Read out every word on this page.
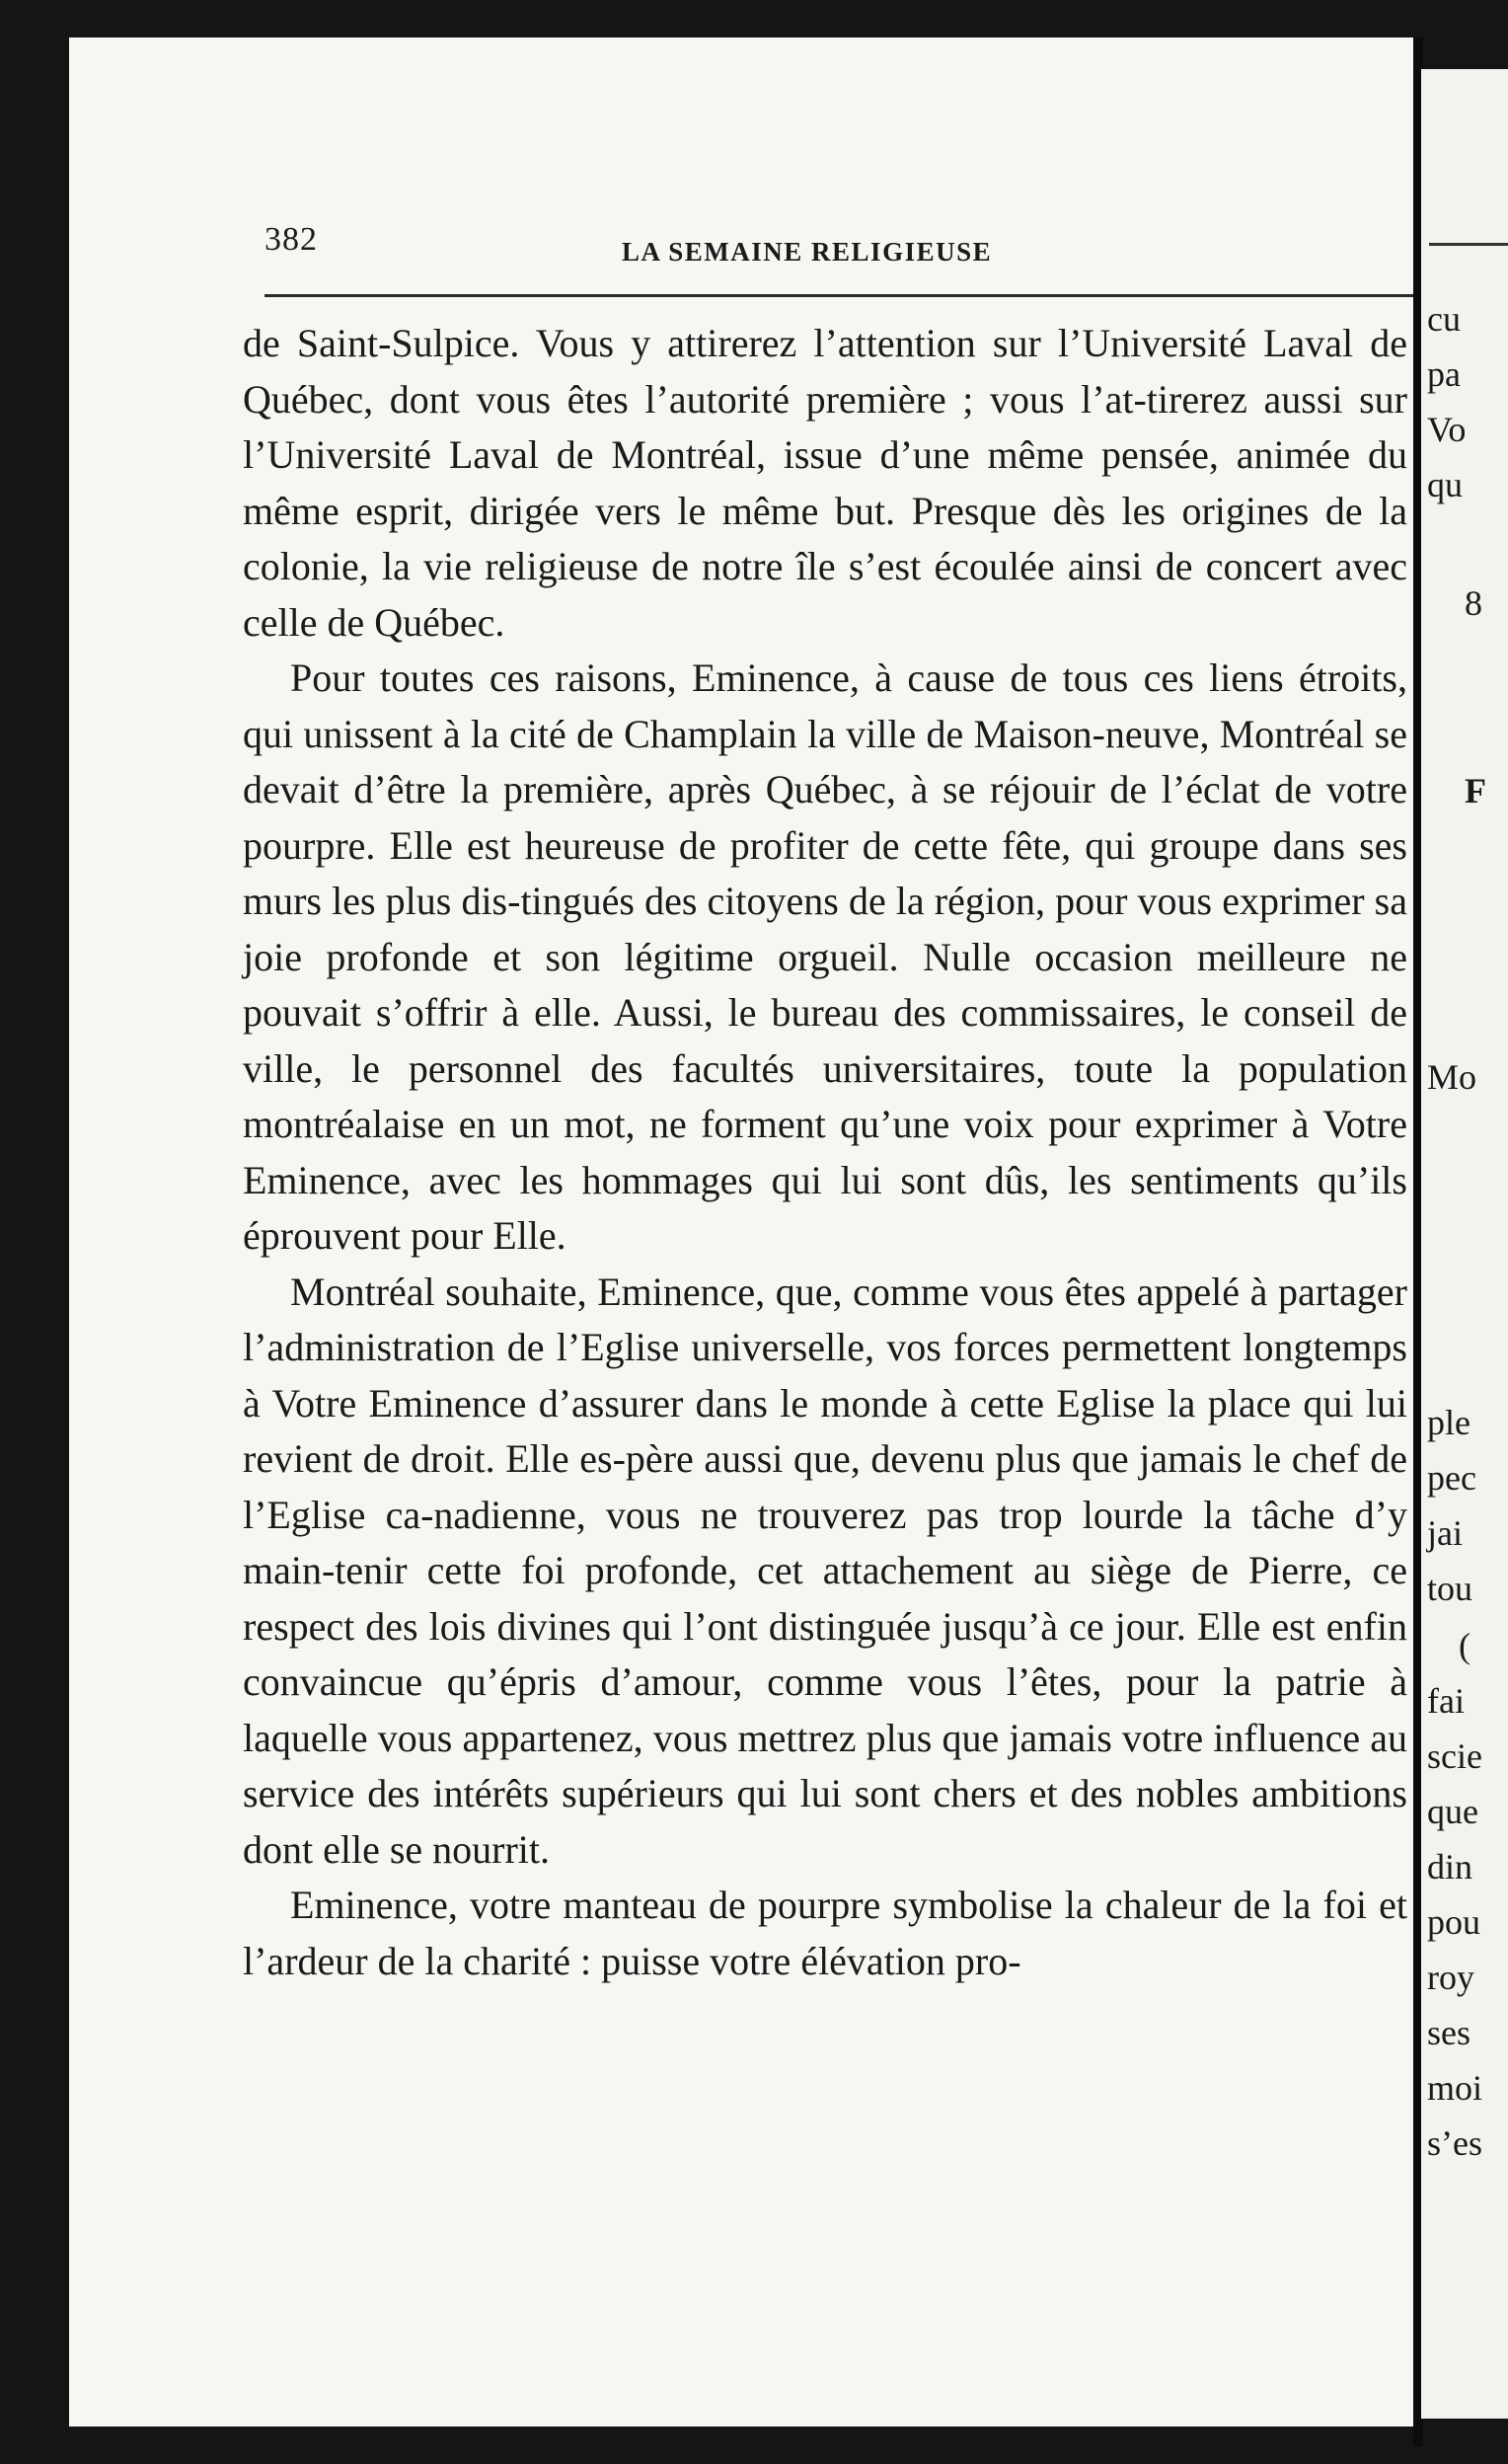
382	LA SEMAINE RELIGIEUSE

de Saint-Sulpice. Vous y attirerez l’attention sur l’Université Laval de Québec, dont vous êtes l’autorité première ; vous l’at-tirerez aussi sur l’Université Laval de Montréal, issue d’une même pensée, animée du même esprit, dirigée vers le même but. Presque dès les origines de la colonie, la vie religieuse de notre île s’est écoulée ainsi de concert avec celle de Québec.

Pour toutes ces raisons, Eminence, à cause de tous ces liens étroits, qui unissent à la cité de Champlain la ville de Maison-neuve, Montréal se devait d’être la première, après Québec, à se réjouir de l’éclat de votre pourpre. Elle est heureuse de profiter de cette fête, qui groupe dans ses murs les plus dis-tingués des citoyens de la région, pour vous exprimer sa joie profonde et son légitime orgueil. Nulle occasion meilleure ne pouvait s’offrir à elle. Aussi, le bureau des commissaires, le conseil de ville, le personnel des facultés universitaires, toute la population montréalaise en un mot, ne forment qu’une voix pour exprimer à Votre Eminence, avec les hommages qui lui sont dûs, les sentiments qu’ils éprouvent pour Elle.

Montréal souhaite, Eminence, que, comme vous êtes appelé à partager l’administration de l’Eglise universelle, vos forces permettent longtemps à Votre Eminence d’assurer dans le monde à cette Eglise la place qui lui revient de droit. Elle es-père aussi que, devenu plus que jamais le chef de l’Eglise ca-nadienne, vous ne trouverez pas trop lourde la tâche d’y main-tenir cette foi profonde, cet attachement au siège de Pierre, ce respect des lois divines qui l’ont distinguée jusqu’à ce jour. Elle est enfin convaincue qu’épris d’amour, comme vous l’êtes, pour la patrie à laquelle vous appartenez, vous mettrez plus que jamais votre influence au service des intérêts supérieurs qui lui sont chers et des nobles ambitions dont elle se nourrit.

Eminence, votre manteau de pourpre symbolise la chaleur de la foi et l’ardeur de la charité : puisse votre élévation pro-

cu
pa
Vo
qu
8
F
Mo
ple
pec
jai
tou
(
fai
scie
que
din
pou
roy
ses
moi
s’es
